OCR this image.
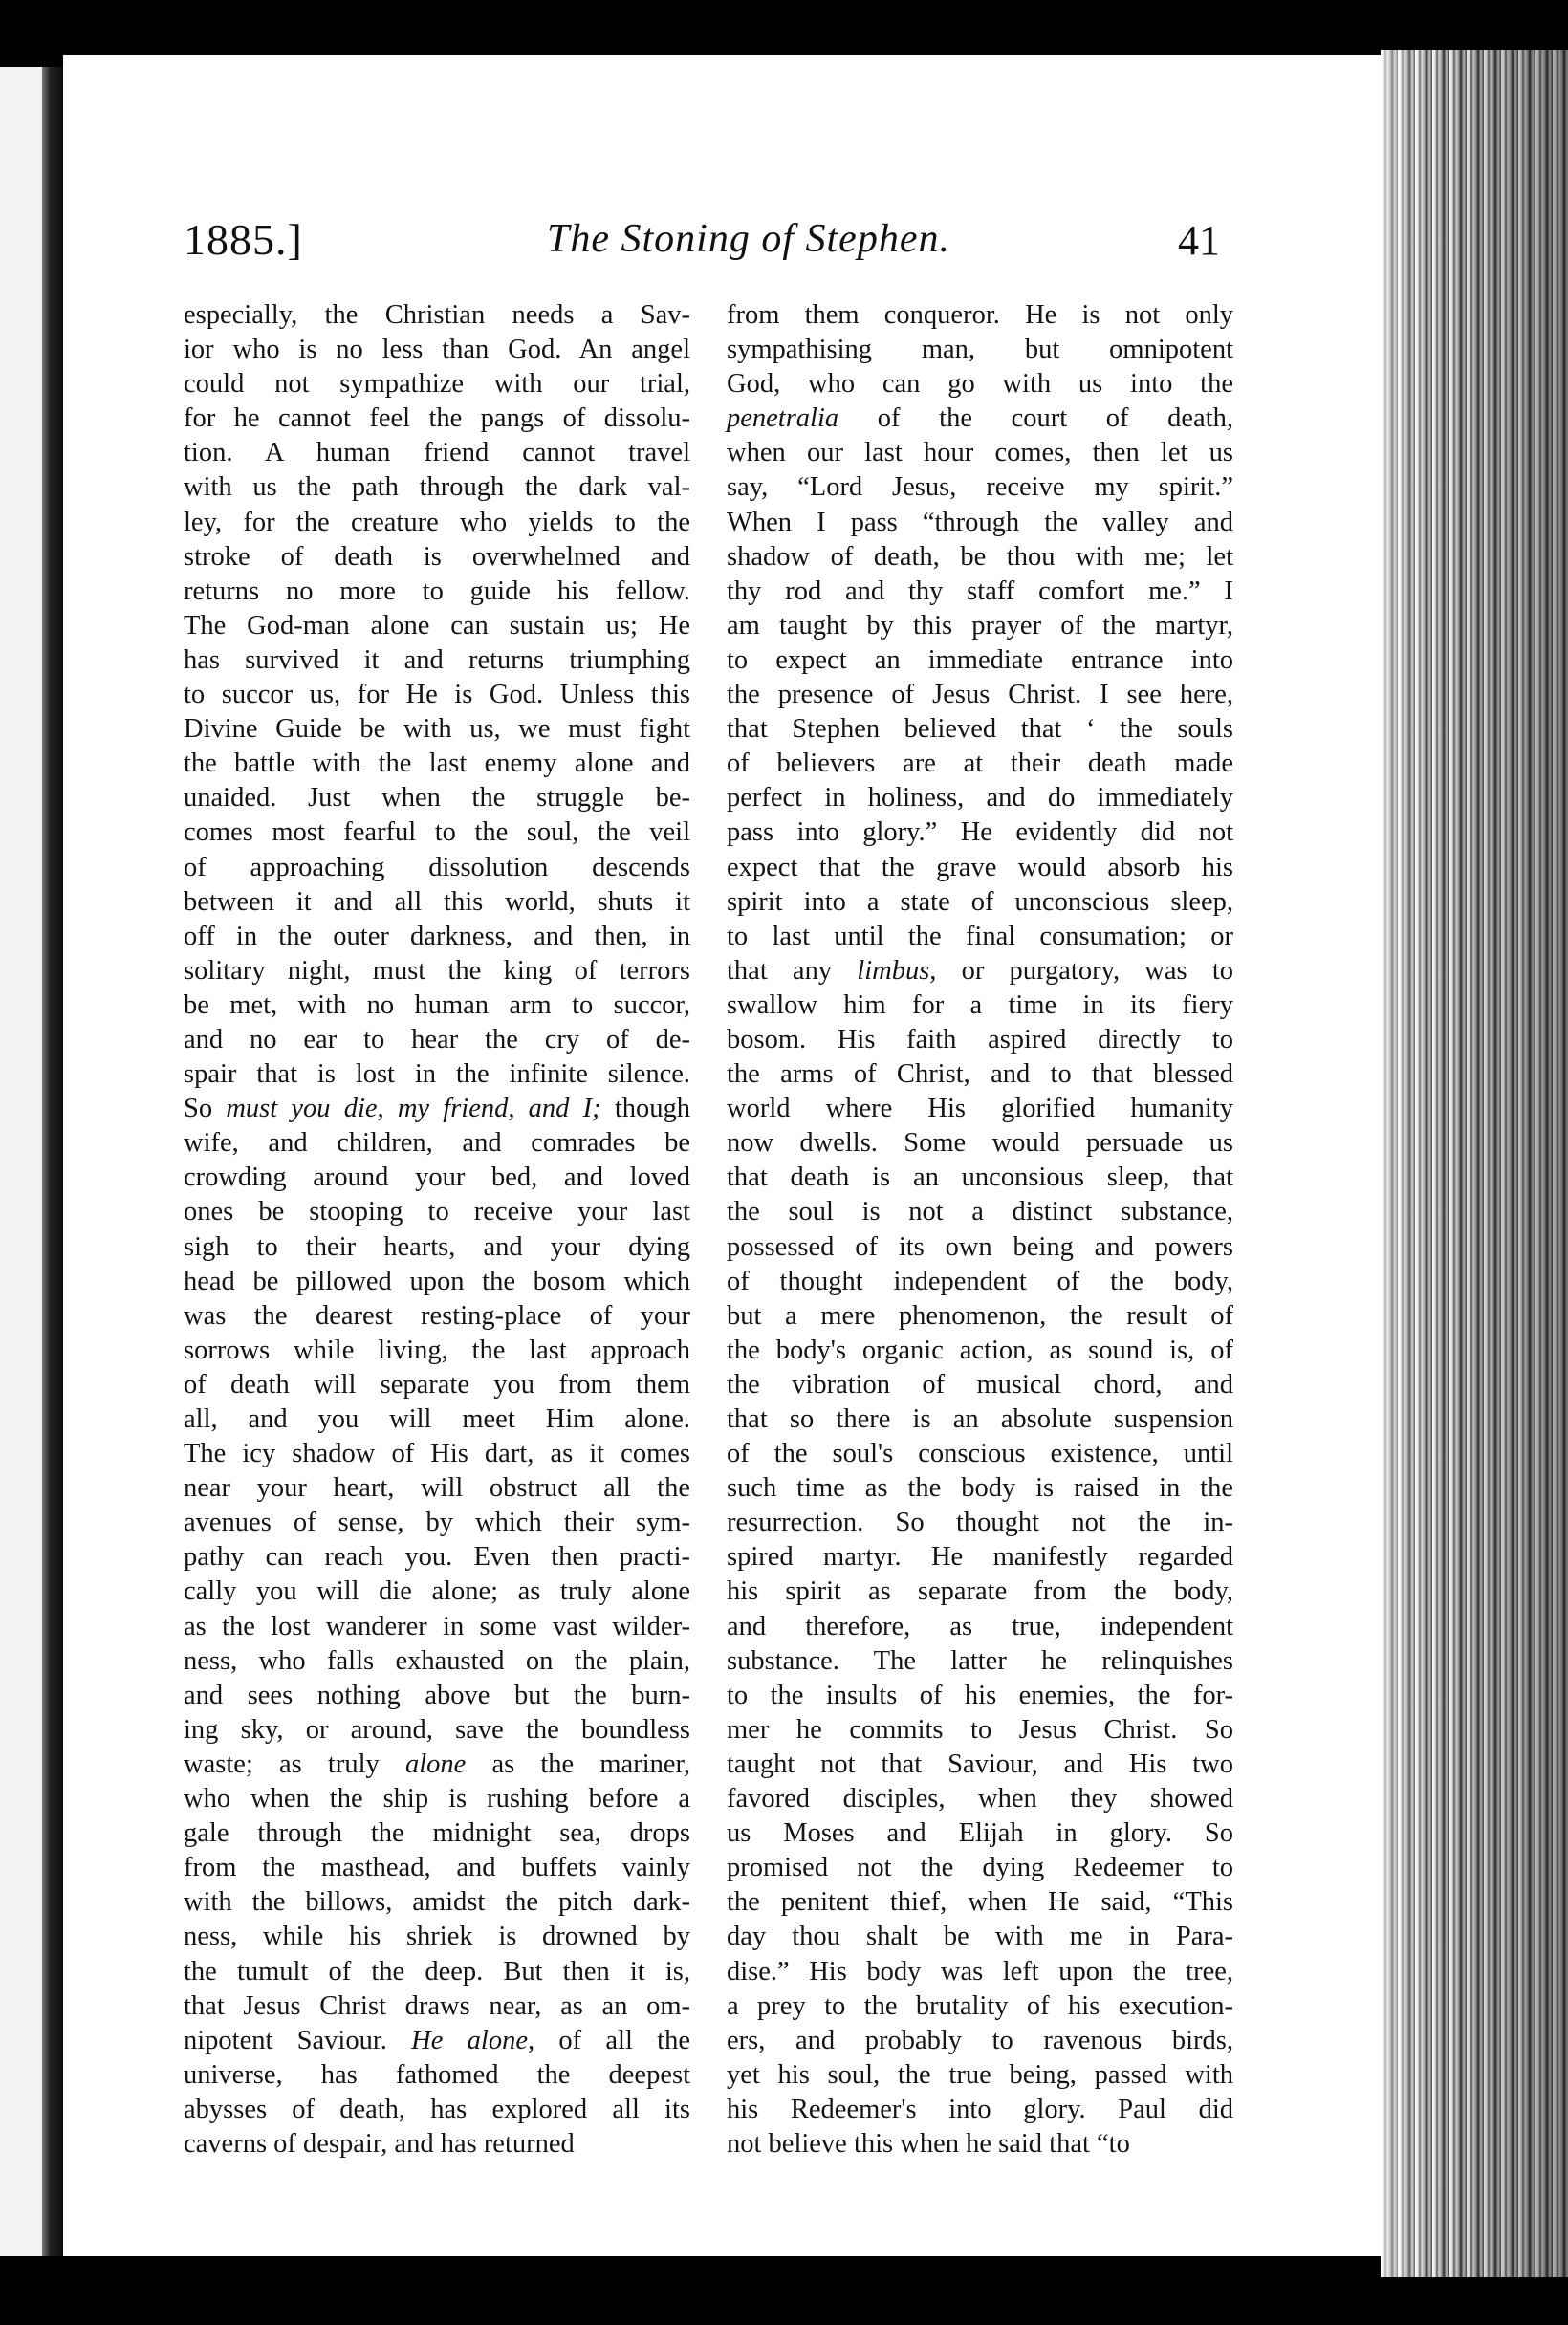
1885.]	The Stoning of Stephen.	41
especially, the Christian needs a Sav-
ior who is no less than God. An angel
could not sympathize with our trial,
for he cannot feel the pangs of dissolu-
tion. A human friend cannot travel
with us the path through the dark val-
ley, for the creature who yields to the
stroke of death is overwhelmed and
returns no more to guide his fellow.
The God-man alone can sustain us; He
has survived it and returns triumphing
to succor us, for He is God. Unless this
Divine Guide be with us, we must fight
the battle with the last enemy alone and
unaided. Just when the struggle be-
comes most fearful to the soul, the veil
of approaching dissolution descends
between it and all this world, shuts it
off in the outer darkness, and then, in
solitary night, must the king of terrors
be met, with no human arm to succor,
and no ear to hear the cry of de-
spair that is lost in the infinite silence.
So must you die, my friend, and I; though
wife, and children, and comrades be
crowding around your bed, and loved
ones be stooping to receive your last
sigh to their hearts, and your dying
head be pillowed upon the bosom which
was the dearest resting-place of your
sorrows while living, the last approach
of death will separate you from them
all, and you will meet Him alone.
The icy shadow of His dart, as it comes
near your heart, will obstruct all the
avenues of sense, by which their sym-
pathy can reach you. Even then practi-
cally you will die alone; as truly alone
as the lost wanderer in some vast wilder-
ness, who falls exhausted on the plain,
and sees nothing above but the burn-
ing sky, or around, save the boundless
waste; as truly alone as the mariner,
who when the ship is rushing before a
gale through the midnight sea, drops
from the masthead, and buffets vainly
with the billows, amidst the pitch dark-
ness, while his shriek is drowned by
the tumult of the deep. But then it is,
that Jesus Christ draws near, as an om-
nipotent Saviour. He alone, of all the
universe, has fathomed the deepest
abysses of death, has explored all its
caverns of despair, and has returned
from them conqueror. He is not only
sympathising man, but omnipotent
God, who can go with us into the
penetralia of the court of death,
when our last hour comes, then let us
say, “Lord Jesus, receive my spirit.”
When I pass “through the valley and
shadow of death, be thou with me; let
thy rod and thy staff comfort me.” I
am taught by this prayer of the martyr,
to expect an immediate entrance into
the presence of Jesus Christ. I see here,
that Stephen believed that ‘ the souls
of believers are at their death made
perfect in holiness, and do immediately
pass into glory.” He evidently did not
expect that the grave would absorb his
spirit into a state of unconscious sleep,
to last until the final consumation; or
that any limbus, or purgatory, was to
swallow him for a time in its fiery
bosom. His faith aspired directly to
the arms of Christ, and to that blessed
world where His glorified humanity
now dwells. Some would persuade us
that death is an unconsious sleep, that
the soul is not a distinct substance,
possessed of its own being and powers
of thought independent of the body,
but a mere phenomenon, the result of
the body's organic action, as sound is, of
the vibration of musical chord, and
that so there is an absolute suspension
of the soul's conscious existence, until
such time as the body is raised in the
resurrection. So thought not the in-
spired martyr. He manifestly regarded
his spirit as separate from the body,
and therefore, as true, independent
substance. The latter he relinquishes
to the insults of his enemies, the for-
mer he commits to Jesus Christ. So
taught not that Saviour, and His two
favored disciples, when they showed
us Moses and Elijah in glory. So
promised not the dying Redeemer to
the penitent thief, when He said, “This
day thou shalt be with me in Para-
dise.” His body was left upon the tree,
a prey to the brutality of his execution-
ers, and probably to ravenous birds,
yet his soul, the true being, passed with
his Redeemer's into glory. Paul did
not believe this when he said that “to
